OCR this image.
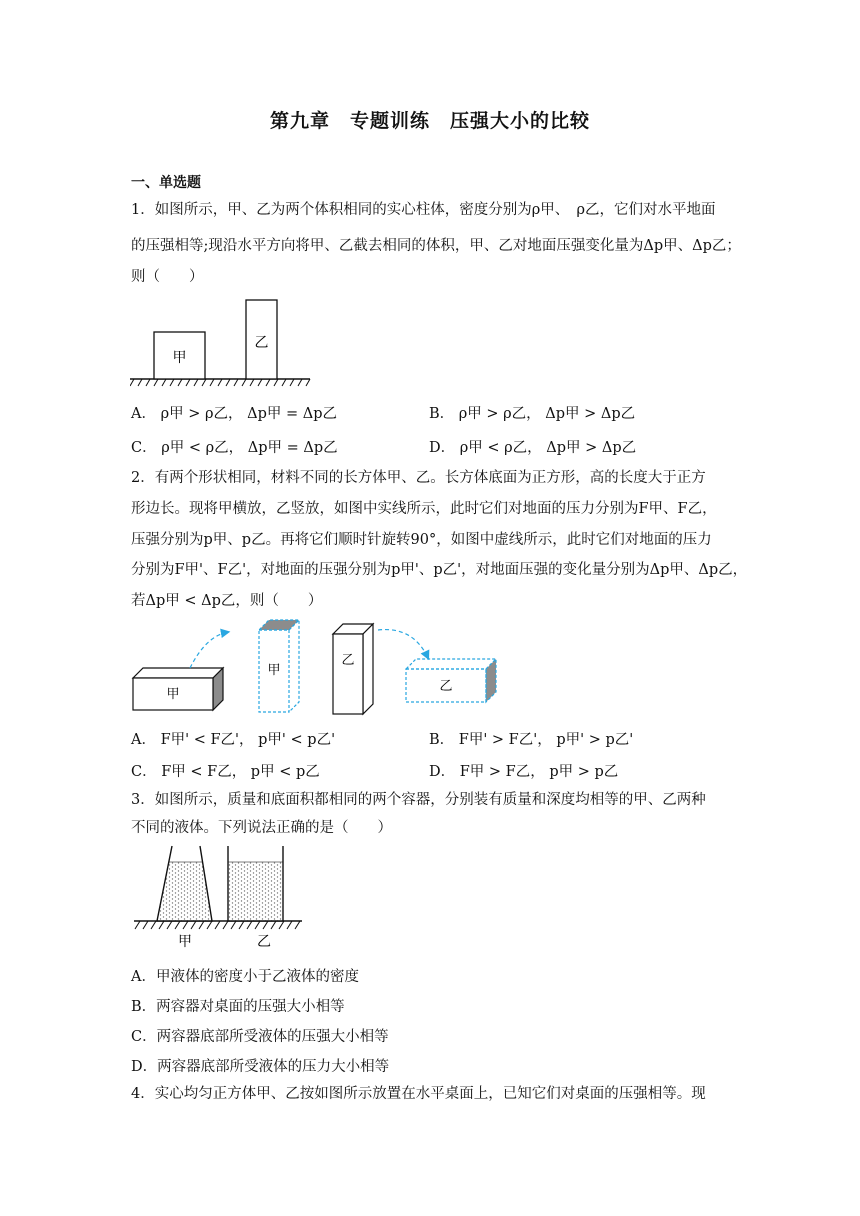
第九章　专题训练　压强大小的比较
一、单选题
1．如图所示，甲、乙为两个体积相同的实心柱体，密度分别为ρ甲、　ρ乙，它们对水平地面
的压强相等;现沿水平方向将甲、乙截去相同的体积，甲、乙对地面压强变化量为Δp甲、Δp乙；
则（　　）
甲
乙
A． ρ甲 > ρ乙， Δp甲 = Δp乙	B． ρ甲 > ρ乙， Δp甲 > Δp乙
C． ρ甲 < ρ乙， Δp甲 = Δp乙	D． ρ甲 < ρ乙， Δp甲 > Δp乙
2．有两个形状相同，材料不同的长方体甲、乙。长方体底面为正方形，高的长度大于正方
形边长。现将甲横放，乙竖放，如图中实线所示，此时它们对地面的压力分别为F甲、F乙，
压强分别为p甲、p乙。再将它们顺时针旋转90°，如图中虚线所示，此时它们对地面的压力
分别为F甲'、F乙'，对地面的压强分别为p甲'、p乙'，对地面压强的变化量分别为Δp甲、Δp乙，
若Δp甲 < Δp乙，则（　　）
甲
甲
乙
乙
A． F甲' < F乙'， p甲' < p乙'	B． F甲' > F乙'， p甲' > p乙'
C． F甲 < F乙， p甲 < p乙	D． F甲 > F乙， p甲 > p乙
3．如图所示，质量和底面积都相同的两个容器，分别装有质量和深度均相等的甲、乙两种
不同的液体。下列说法正确的是（　　）
甲	乙
A．甲液体的密度小于乙液体的密度
B．两容器对桌面的压强大小相等
C．两容器底部所受液体的压强大小相等
D．两容器底部所受液体的压力大小相等
4．实心均匀正方体甲、乙按如图所示放置在水平桌面上，已知它们对桌面的压强相等。现
